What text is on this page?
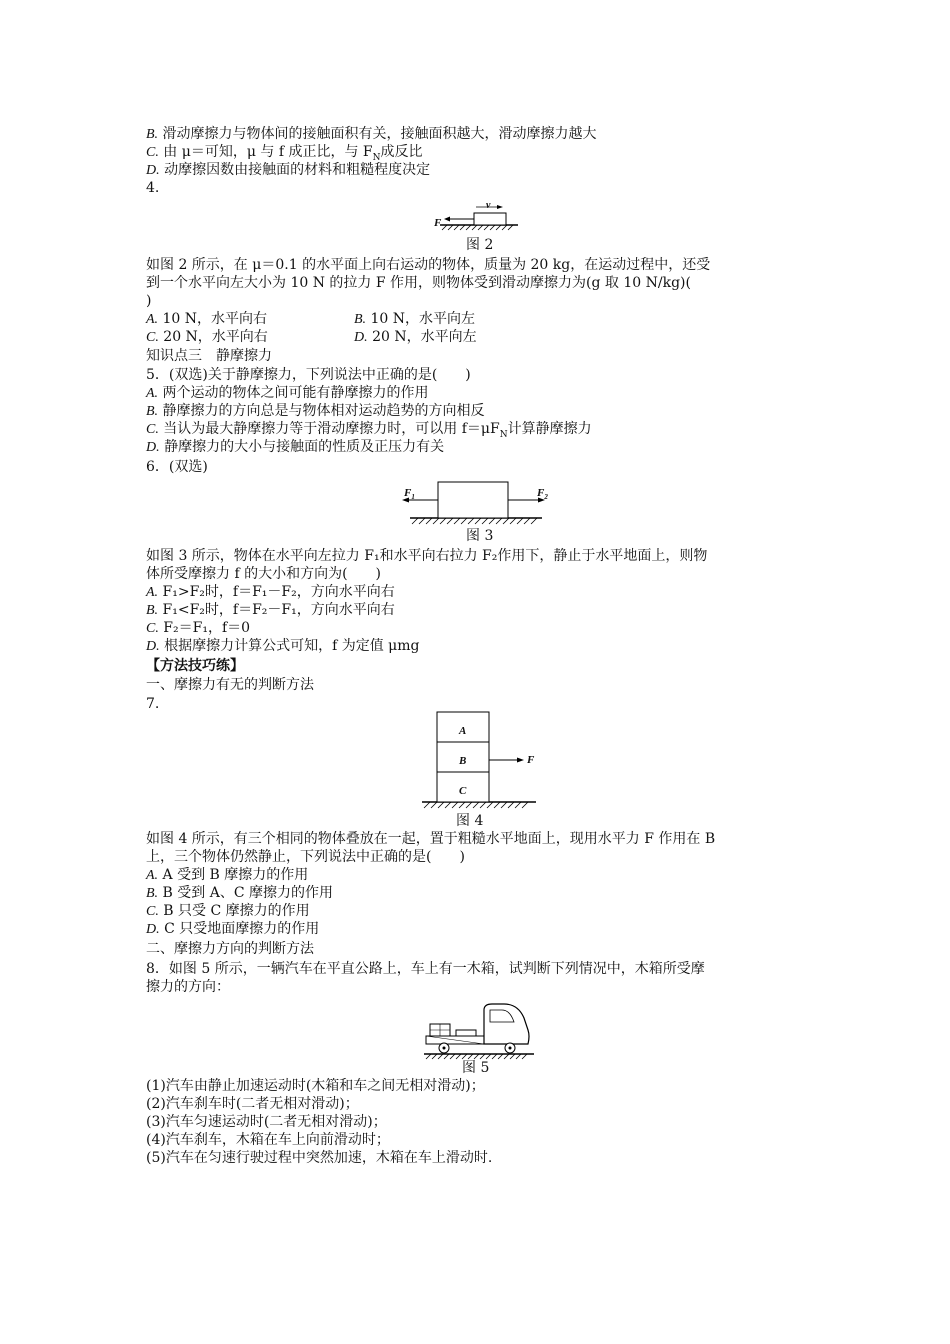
B. 滑动摩擦力与物体间的接触面积有关，接触面积越大，滑动摩擦力越大
C. 由 μ＝可知，μ 与 f 成正比，与 $F_N$成反比
D. 动摩擦因数由接触面的材料和粗糙程度决定
4.
F
v
图 2
如图 2 所示，在 μ＝0.1 的水平面上向右运动的物体，质量为 20 kg，在运动过程中，还受
到一个水平向左大小为 10 N 的拉力 F 作用，则物体受到滑动摩擦力为(g 取 10 N/kg)(
)
A. 10 N，水平向右	B. 10 N，水平向左
C. 20 N，水平向右	D. 20 N，水平向左
知识点三　静摩擦力
5．(双选)关于静摩擦力，下列说法中正确的是(　　)
A. 两个运动的物体之间可能有静摩擦力的作用
B. 静摩擦力的方向总是与物体相对运动趋势的方向相反
C. 当认为最大静摩擦力等于滑动摩擦力时，可以用 $f=\mu F_N$计算静摩擦力
D. 静摩擦力的大小与接触面的性质及正压力有关
6．(双选)
$F_1$	$F_2$
图 3
如图 3 所示，物体在水平向左拉力 F₁和水平向右拉力 F₂作用下，静止于水平地面上，则物
体所受摩擦力 f 的大小和方向为(　　)
A. F₁>F₂时，f＝F₁－F₂，方向水平向右
B. F₁<F₂时，f＝F₂－F₁，方向水平向右
C. F₂＝F₁，f＝0
D. 根据摩擦力计算公式可知，f 为定值 μmg
【方法技巧练】
一、摩擦力有无的判断方法
7.
A
B
C
F
图 4
如图 4 所示，有三个相同的物体叠放在一起，置于粗糙水平地面上，现用水平力 F 作用在 B
上，三个物体仍然静止，下列说法中正确的是(　　)
A. A 受到 B 摩擦力的作用
B. B 受到 A、C 摩擦力的作用
C. B 只受 C 摩擦力的作用
D. C 只受地面摩擦力的作用
二、摩擦力方向的判断方法
8．如图 5 所示，一辆汽车在平直公路上，车上有一木箱，试判断下列情况中，木箱所受摩
擦力的方向：
图 5
(1)汽车由静止加速运动时(木箱和车之间无相对滑动)；
(2)汽车刹车时(二者无相对滑动)；
(3)汽车匀速运动时(二者无相对滑动)；
(4)汽车刹车，木箱在车上向前滑动时；
(5)汽车在匀速行驶过程中突然加速，木箱在车上滑动时.
